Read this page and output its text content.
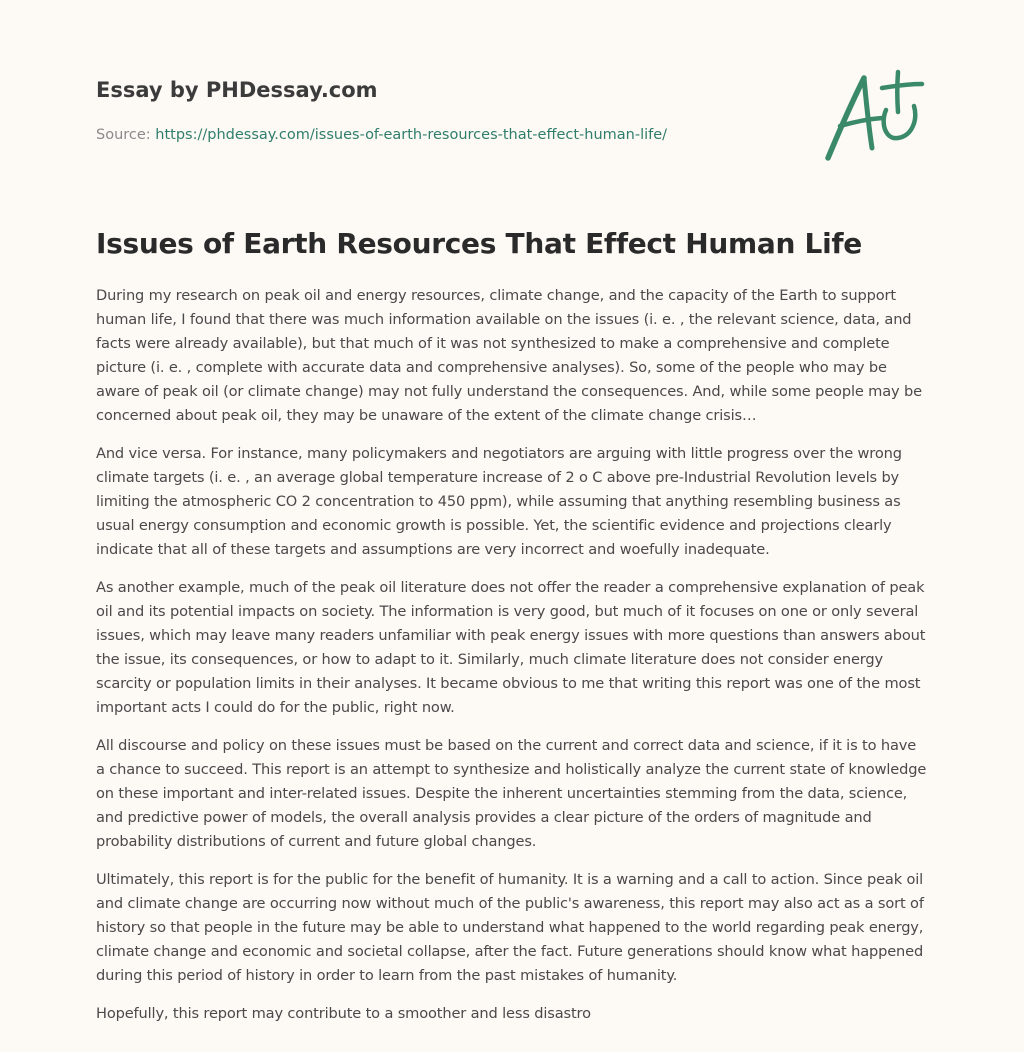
Essay by PHDessay.com
Source: https://phdessay.com/issues-of-earth-resources-that-effect-human-life/
Issues of Earth Resources That Effect Human Life

During my research on peak oil and energy resources, climate change, and the capacity of the Earth to support human life, I found that there was much information available on the issues (i. e. , the relevant science, data, and facts were already available), but that much of it was not synthesized to make a comprehensive and complete picture (i. e. , complete with accurate data and comprehensive analyses). So, some of the people who may be aware of peak oil (or climate change) may not fully understand the consequences. And, while some people may be concerned about peak oil, they may be unaware of the extent of the climate change crisis…

And vice versa. For instance, many policymakers and negotiators are arguing with little progress over the wrong climate targets (i. e. , an average global temperature increase of 2 o C above pre-Industrial Revolution levels by limiting the atmospheric CO 2 concentration to 450 ppm), while assuming that anything resembling business as usual energy consumption and economic growth is possible. Yet, the scientific evidence and projections clearly indicate that all of these targets and assumptions are very incorrect and woefully inadequate.

As another example, much of the peak oil literature does not offer the reader a comprehensive explanation of peak oil and its potential impacts on society. The information is very good, but much of it focuses on one or only several issues, which may leave many readers unfamiliar with peak energy issues with more questions than answers about the issue, its consequences, or how to adapt to it. Similarly, much climate literature does not consider energy scarcity or population limits in their analyses. It became obvious to me that writing this report was one of the most important acts I could do for the public, right now.

All discourse and policy on these issues must be based on the current and correct data and science, if it is to have a chance to succeed. This report is an attempt to synthesize and holistically analyze the current state of knowledge on these important and inter-related issues. Despite the inherent uncertainties stemming from the data, science, and predictive power of models, the overall analysis provides a clear picture of the orders of magnitude and probability distributions of current and future global changes.

Ultimately, this report is for the public for the benefit of humanity. It is a warning and a call to action. Since peak oil and climate change are occurring now without much of the public's awareness, this report may also act as a sort of history so that people in the future may be able to understand what happened to the world regarding peak energy, climate change and economic and societal collapse, after the fact. Future generations should know what happened during this period of history in order to learn from the past mistakes of humanity.

Hopefully, this report may contribute to a smoother and less disastro
